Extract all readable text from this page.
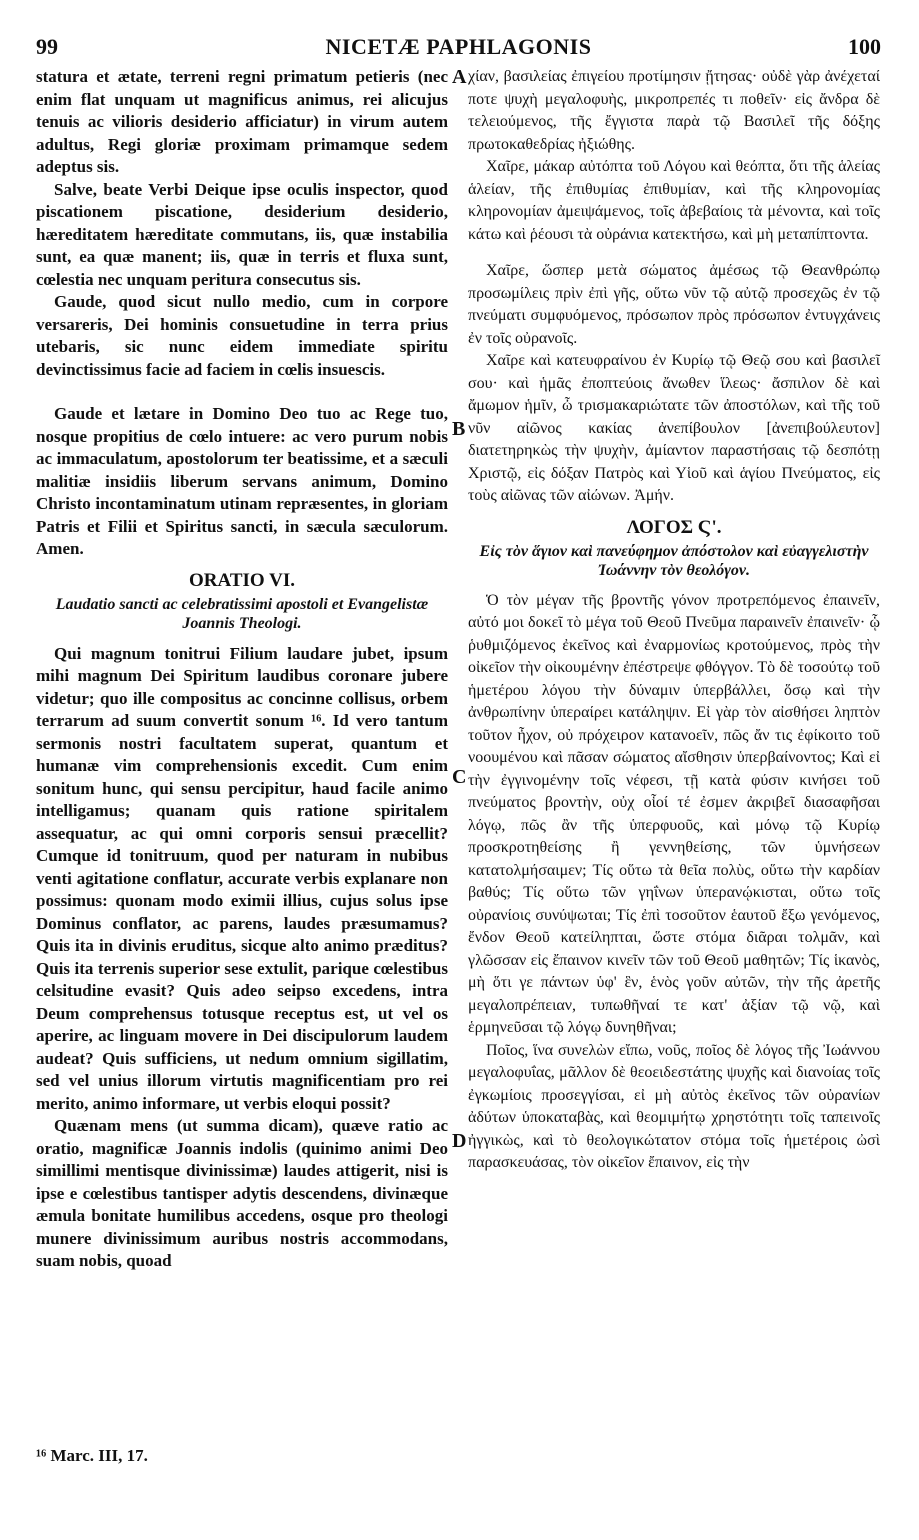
99	NICETÆ PAPHLAGONIS	100
A
B
C
D

statura et ætate, terreni regni primatum petieris (nec enim flat unquam ut magnificus animus, rei alicujus tenuis ac vilioris desiderio afficiatur) in virum autem adultus, Regi gloriæ proximam primamque sedem adeptus sis.

Salve, beate Verbi Deique ipse oculis inspector, quod piscationem piscatione, desiderium desiderio, hæreditatem hæreditate commutans, iis, quæ instabilia sunt, ea quæ manent; iis, quæ in terris et fluxa sunt, cœlestia nec unquam peritura consecutus sis.

Gaude, quod sicut nullo medio, cum in corpore versareris, Dei hominis consuetudine in terra prius utebaris, sic nunc eidem immediate spiritu devinctissimus facie ad faciem in cœlis insuescis.

Gaude et lætare in Domino Deo tuo ac Rege tuo, nosque propitius de cœlo intuere: ac vero purum nobis ac immaculatum, apostolorum ter beatissime, et a sæculi malitiæ insidiis liberum servans animum, Domino Christo incontaminatum utinam repræsentes, in gloriam Patris et Filii et Spiritus sancti, in sæcula sæculorum. Amen.

ORATIO VI.
Laudatio sancti ac celebratissimi apostoli et Evangelistæ Joannis Theologi.

Qui magnum tonitrui Filium laudare jubet, ipsum mihi magnum Dei Spiritum laudibus coronare jubere videtur; quo ille compositus ac concinne collisus, orbem terrarum ad suum convertit sonum ¹⁶. Id vero tantum sermonis nostri facultatem superat, quantum et humanæ vim comprehensionis excedit. Cum enim sonitum hunc, qui sensu percipitur, haud facile animo intelligamus; quanam quis ratione spiritalem assequatur, ac qui omni corporis sensui præcellit? Cumque id tonitruum, quod per naturam in nubibus venti agitatione conflatur, accurate verbis explanare non possimus: quonam modo eximii illius, cujus solus ipse Dominus conflator, ac parens, laudes præsumamus? Quis ita in divinis eruditus, sicque alto animo præditus? Quis ita terrenis superior sese extulit, parique cœlestibus celsitudine evasit? Quis adeo seipso excedens, intra Deum comprehensus totusque receptus est, ut vel os aperire, ac linguam movere in Dei discipulorum laudem audeat? Quis sufficiens, ut nedum omnium sigillatim, sed vel unius illorum virtutis magnificentiam pro rei merito, animo informare, ut verbis eloqui possit?

Quænam mens (ut summa dicam), quæve ratio ac oratio, magnificæ Joannis indolis (quinimo animi Deo simillimi mentisque divinissimæ) laudes attigerit, nisi is ipse e cœlestibus tantisper adytis descendens, divinæque æmula bonitate humilibus accedens, osque pro theologi munere divinissimum auribus nostris accommodans, suam nobis, quoad

χίαν, βασιλείας ἐπιγείου προτίμησιν ᾔτησας· οὐδὲ γὰρ ἀνέχεταί ποτε ψυχὴ μεγαλοφυὴς, μικροπρεπές τι ποθεῖν· εἰς ἄνδρα δὲ τελειούμενος, τῆς ἔγγιστα παρὰ τῷ Βασιλεῖ τῆς δόξης πρωτοκαθεδρίας ἠξιώθης.

Χαῖρε, μάκαρ αὐτόπτα τοῦ Λόγου καὶ θεόπτα, ὅτι τῆς ἁλείας ἁλείαν, τῆς ἐπιθυμίας ἐπιθυμίαν, καὶ τῆς κληρονομίας κληρονομίαν ἀμειψάμενος, τοῖς ἀβεβαίοις τὰ μένοντα, καὶ τοῖς κάτω καὶ ῥέουσι τὰ οὐράνια κατεκτήσω, καὶ μὴ μεταπίπτοντα.

Χαῖρε, ὥσπερ μετὰ σώματος ἀμέσως τῷ Θεανθρώπῳ προσωμίλεις πρὶν ἐπὶ γῆς, οὕτω νῦν τῷ αὐτῷ προσεχῶς ἐν τῷ πνεύματι συμφυόμενος, πρόσωπον πρὸς πρόσωπον ἐντυγχάνεις ἐν τοῖς οὐρανοῖς.

Χαῖρε καὶ κατευφραίνου ἐν Κυρίῳ τῷ Θεῷ σου καὶ βασιλεῖ σου· καὶ ἡμᾶς ἐποπτεύοις ἄνωθεν ἵλεως· ἄσπιλον δὲ καὶ ἄμωμον ἡμῖν, ὦ τρισμακαριώτατε τῶν ἀποστόλων, καὶ τῆς τοῦ νῦν αἰῶνος κακίας ἀνεπίβουλον [ἀνεπιβούλευτον] διατετηρηκὼς τὴν ψυχὴν, ἀμίαντον παραστήσαις τῷ δεσπότῃ Χριστῷ, εἰς δόξαν Πατρὸς καὶ Υἱοῦ καὶ ἁγίου Πνεύματος, εἰς τοὺς αἰῶνας τῶν αἰώνων. Ἀμήν.

ΛΟΓΟΣ Ϛ'.
Εἰς τὸν ἅγιον καὶ πανεύφημον ἀπόστολον καὶ εὐαγγελιστὴν Ἰωάννην τὸν θεολόγον.

Ὁ τὸν μέγαν τῆς βροντῆς γόνον προτρεπόμενος ἐπαινεῖν, αὐτό μοι δοκεῖ τὸ μέγα τοῦ Θεοῦ Πνεῦμα παραινεῖν ἐπαινεῖν· ᾧ ῥυθμιζόμενος ἐκεῖνος καὶ ἐναρμονίως κροτούμενος, πρὸς τὴν οἰκεῖον τὴν οἰκουμένην ἐπέστρεψε φθόγγον. Τὸ δὲ τοσούτῳ τοῦ ἡμετέρου λόγου τὴν δύναμιν ὑπερβάλλει, ὅσῳ καὶ τὴν ἀνθρωπίνην ὑπεραίρει κατάληψιν. Εἰ γὰρ τὸν αἰσθήσει ληπτὸν τοῦτον ἦχον, οὐ πρόχειρον κατανοεῖν, πῶς ἄν τις ἐφίκοιτο τοῦ νοουμένου καὶ πᾶσαν σώματος αἴσθησιν ὑπερβαίνοντος; Καὶ εἰ τὴν ἐγγινομένην τοῖς νέφεσι, τῇ κατὰ φύσιν κινήσει τοῦ πνεύματος βροντὴν, οὐχ οἷοί τέ ἐσμεν ἀκριβεῖ διασαφῆσαι λόγῳ, πῶς ἂν τῆς ὑπερφυοῦς, καὶ μόνῳ τῷ Κυρίῳ προσκροτηθείσης ἢ γεννηθείσης, τῶν ὑμνήσεων κατατολμήσαιμεν; Τίς οὕτω τὰ θεῖα πολὺς, οὕτω τὴν καρδίαν βαθύς; Τίς οὕτω τῶν γηΐνων ὑπερανῴκισται, οὕτω τοῖς οὐρανίοις συνύψωται; Τίς ἐπὶ τοσοῦτον ἑαυτοῦ ἔξω γενόμενος, ἔνδον Θεοῦ κατείληπται, ὥστε στόμα διᾶραι τολμᾶν, καὶ γλῶσσαν εἰς ἔπαινον κινεῖν τῶν τοῦ Θεοῦ μαθητῶν; Τίς ἱκανὸς, μὴ ὅτι γε πάντων ὑφ' ἓν, ἑνὸς γοῦν αὐτῶν, τὴν τῆς ἀρετῆς μεγαλοπρέπειαν, τυπωθῆναί τε κατ' ἀξίαν τῷ νῷ, καὶ ἑρμηνεῦσαι τῷ λόγῳ δυνηθῆναι;

Ποῖος, ἵνα συνελὼν εἴπω, νοῦς, ποῖος δὲ λόγος τῆς Ἰωάννου μεγαλοφυΐας, μᾶλλον δὲ θεοειδεστάτης ψυχῆς καὶ διανοίας τοῖς ἐγκωμίοις προσεγγίσαι, εἰ μὴ αὐτὸς ἐκεῖνος τῶν οὐρανίων ἀδύτων ὑποκαταβὰς, καὶ θεομιμήτῳ χρηστότητι τοῖς ταπεινοῖς ἠγγικὼς, καὶ τὸ θεολογικώτατον στόμα τοῖς ἡμετέροις ὠσὶ παρασκευάσας, τὸν οἰκεῖον ἔπαινον, εἰς τὴν

¹⁶ Marc. III, 17.
